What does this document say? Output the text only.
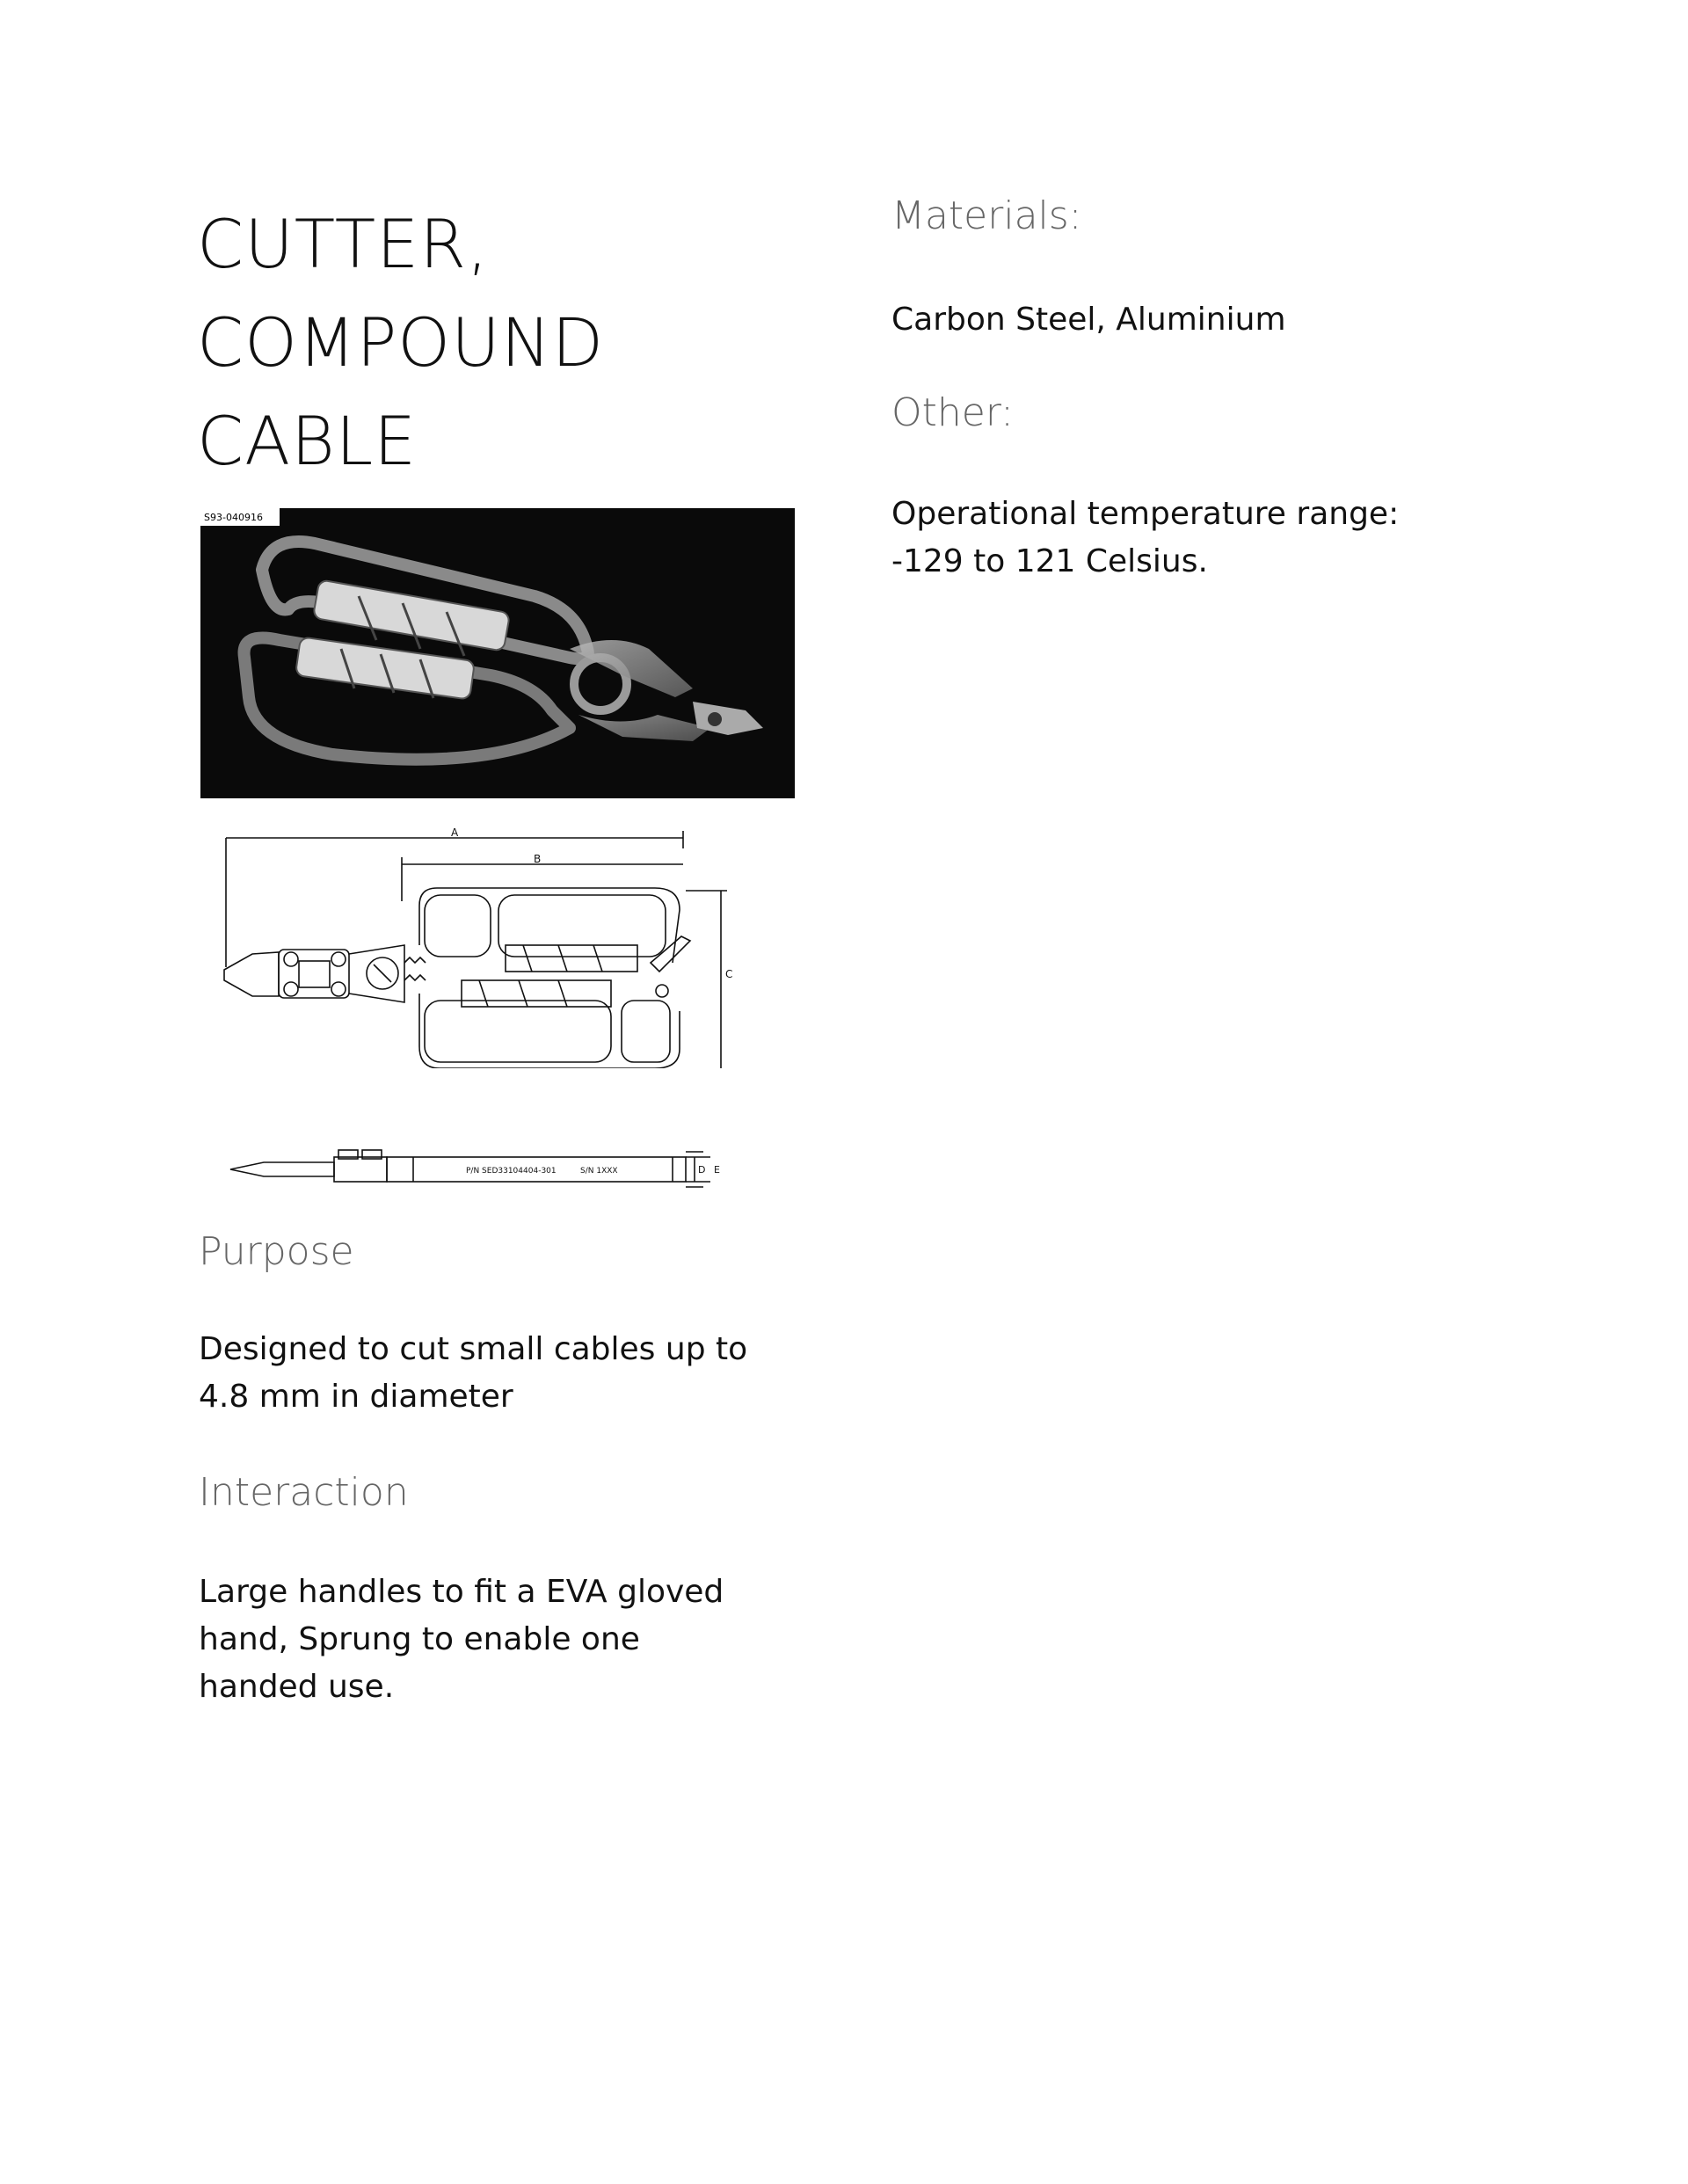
CUTTER,
COMPOUND
CABLE
S93-040916
A
B
C
P/N SED33104404-301	S/N 1XXX	D E
Purpose

Designed to cut small cables up to
4.8 mm in diameter

Interaction

Large handles to fit a EVA gloved
hand, Sprung to enable one
handed use.

Materials:

Carbon Steel, Aluminium

Other:

Operational temperature range:
-129 to 121 Celsius.
